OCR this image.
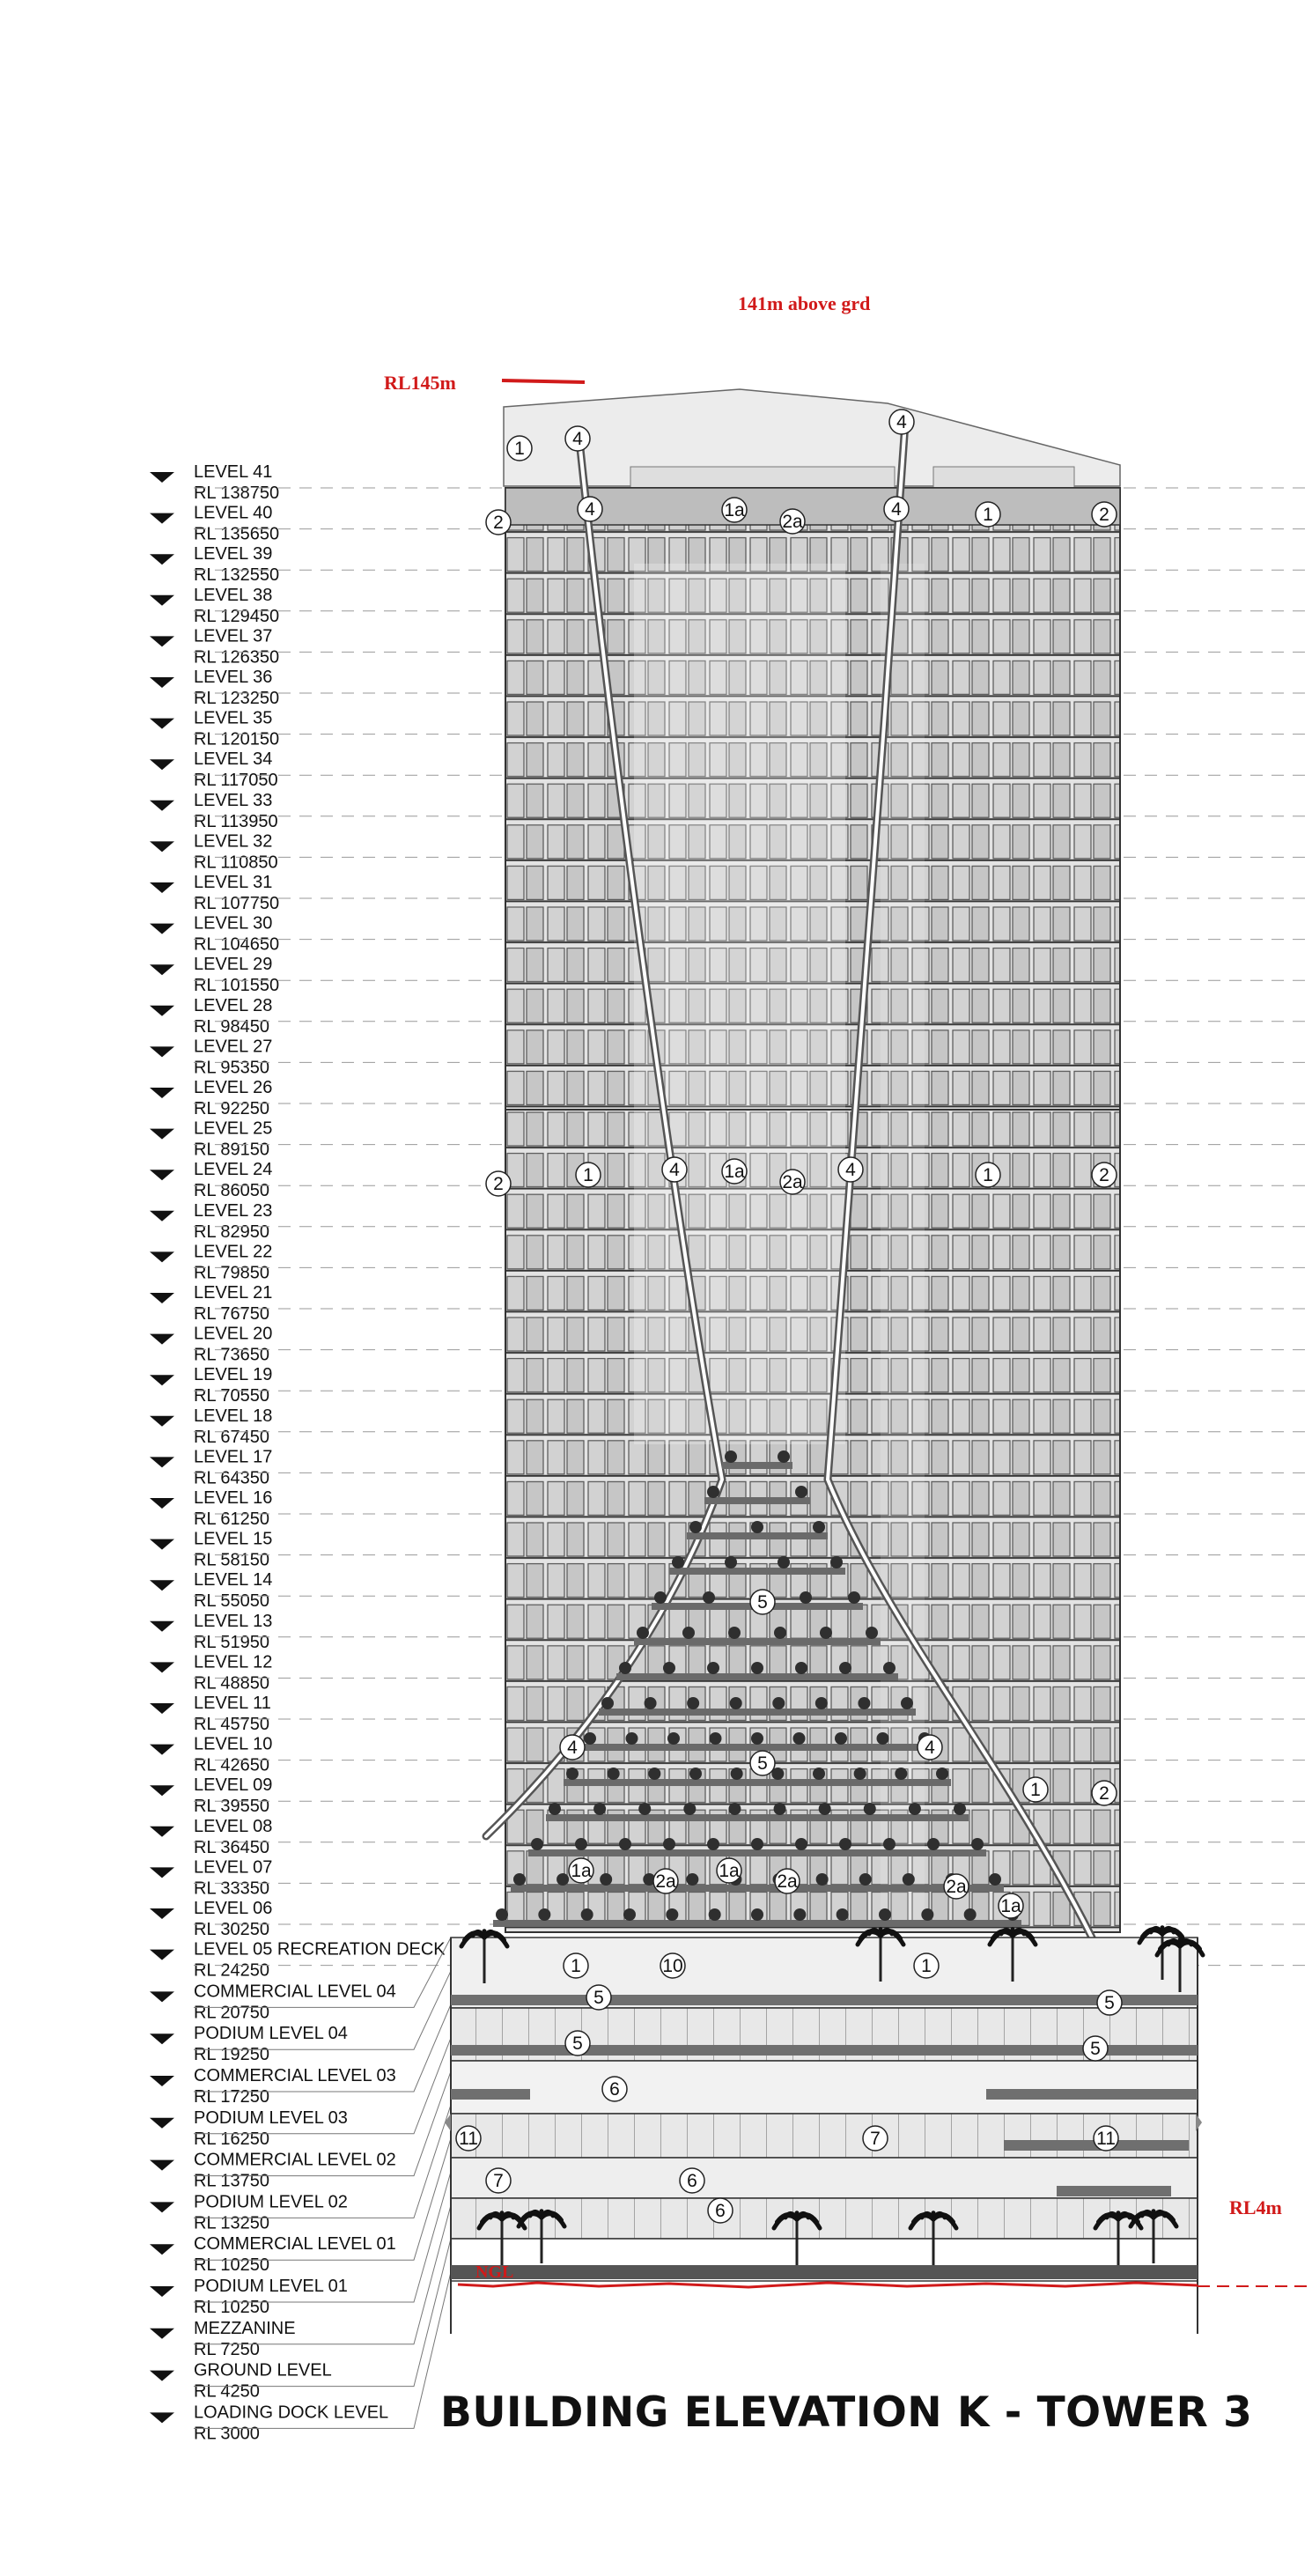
LEVEL 41
RL 138750
LEVEL 40
RL 135650
LEVEL 39
RL 132550
LEVEL 38
RL 129450
LEVEL 37
RL 126350
LEVEL 36
RL 123250
LEVEL 35
RL 120150
LEVEL 34
RL 117050
LEVEL 33
RL 113950
LEVEL 32
RL 110850
LEVEL 31
RL 107750
LEVEL 30
RL 104650
LEVEL 29
RL 101550
LEVEL 28
RL 98450
LEVEL 27
RL 95350
LEVEL 26
RL 92250
LEVEL 25
RL 89150
LEVEL 24
RL 86050
LEVEL 23
RL 82950
LEVEL 22
RL 79850
LEVEL 21
RL 76750
LEVEL 20
RL 73650
LEVEL 19
RL 70550
LEVEL 18
RL 67450
LEVEL 17
RL 64350
LEVEL 16
RL 61250
LEVEL 15
RL 58150
LEVEL 14
RL 55050
LEVEL 13
RL 51950
LEVEL 12
RL 48850
LEVEL 11
RL 45750
LEVEL 10
RL 42650
LEVEL 09
RL 39550
LEVEL 08
RL 36450
LEVEL 07
RL 33350
LEVEL 06
RL 30250
LEVEL 05 RECREATION DECK
RL 24250
COMMERCIAL LEVEL 04
RL 20750
PODIUM LEVEL 04
RL 19250
COMMERCIAL LEVEL 03
RL 17250
PODIUM LEVEL 03
RL 16250
COMMERCIAL LEVEL 02
RL 13750
PODIUM LEVEL 02
RL 13250
COMMERCIAL LEVEL 01
RL 10250
PODIUM LEVEL 01
RL 10250
MEZZANINE
RL 7250
GROUND LEVEL
RL 4250
LOADING DOCK LEVEL
RL 3000
141m above grd
RL145m
RL4m
NGL
1	4
4
2
4	1a
2a
4	1	2
2	1	4 1a
2a
4	1	2
5
4
5
4
1	2
1a
2a
1a
2a	2a
1a
1	10	1
5	5
5	5
6
11	7	11
7	6
6
BUILDING ELEVATION K - TOWER 3
